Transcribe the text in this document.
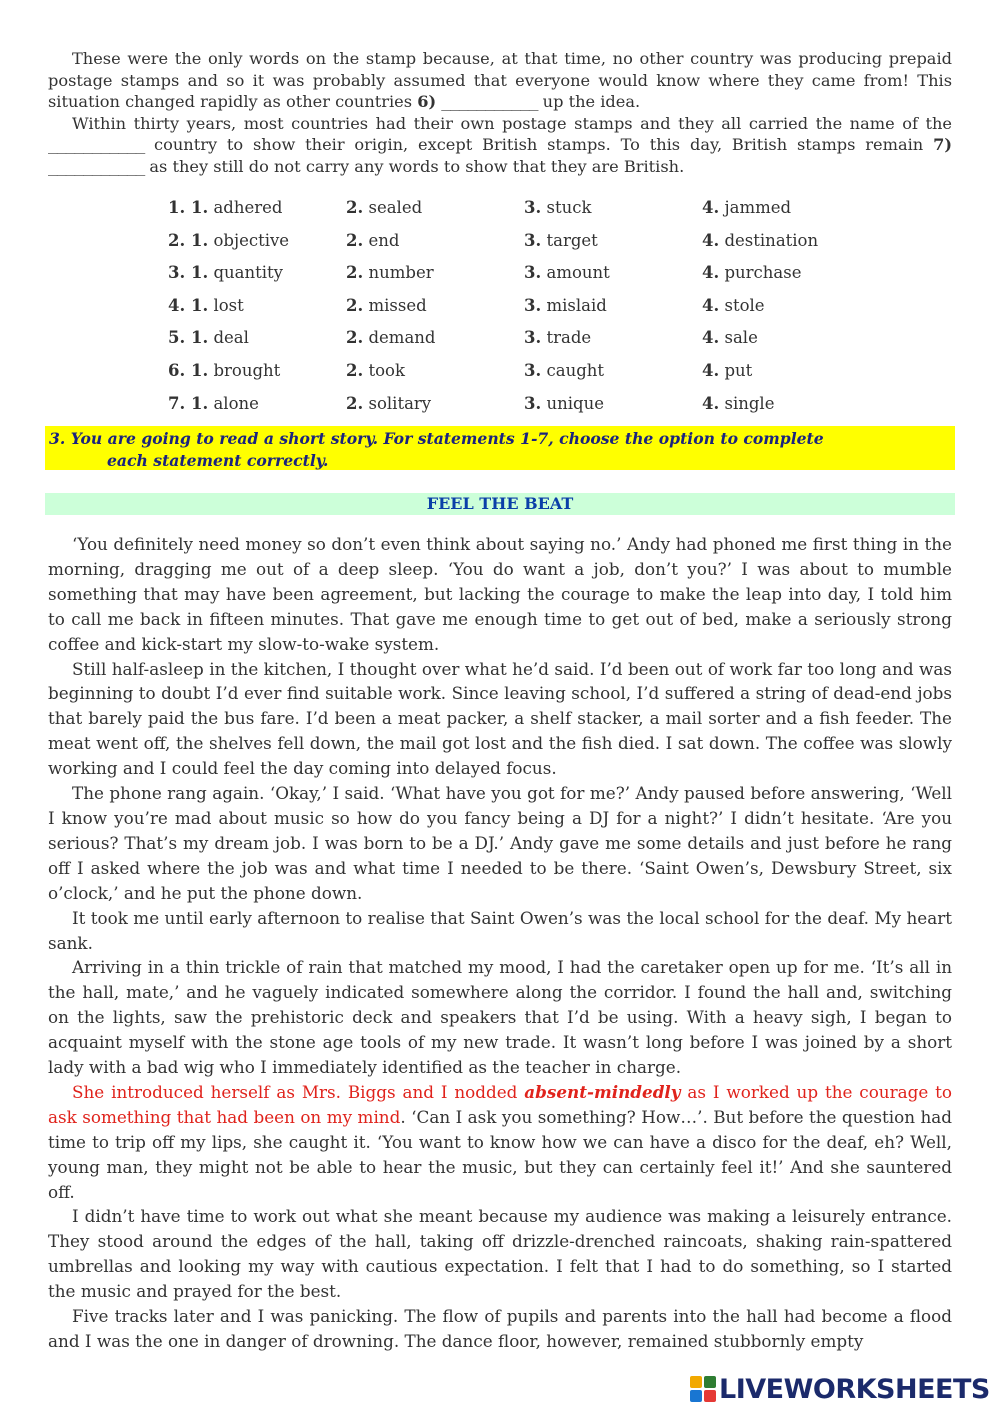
These were the only words on the stamp because, at that time, no other country was producing prepaid postage stamps and so it was probably assumed that everyone would know where they came from! This situation changed rapidly as other countries 6) ___________ up the idea.

Within thirty years, most countries had their own postage stamps and they all carried the name of the ___________ country to show their origin, except British stamps. To this day, British stamps remain 7) ___________ as they still do not carry any words to show that they are British.

1. 1. adhered	2. sealed	3. stuck	4. jammed
2. 1. objective	2. end	3. target	4. destination
3. 1. quantity	2. number	3. amount	4. purchase
4. 1. lost	2. missed	3. mislaid	4. stole
5. 1. deal	2. demand	3. trade	4. sale
6. 1. brought	2. took	3. caught	4. put
7. 1. alone	2. solitary	3. unique	4. single
3. You are going to read a short story. For statements 1-7, choose the option to complete
each statement correctly.
FEEL THE BEAT

‘You definitely need money so don’t even think about saying no.’ Andy had phoned me first thing in the morning, dragging me out of a deep sleep. ‘You do want a job, don’t you?’ I was about to mumble something that may have been agreement, but lacking the courage to make the leap into day, I told him to call me back in fifteen minutes. That gave me enough time to get out of bed, make a seriously strong coffee and kick-start my slow-to-wake system.

Still half-asleep in the kitchen, I thought over what he’d said. I’d been out of work far too long and was beginning to doubt I’d ever find suitable work. Since leaving school, I’d suffered a string of dead-end jobs that barely paid the bus fare. I’d been a meat packer, a shelf stacker, a mail sorter and a fish feeder. The meat went off, the shelves fell down, the mail got lost and the fish died. I sat down. The coffee was slowly working and I could feel the day coming into delayed focus.

The phone rang again. ‘Okay,’ I said. ‘What have you got for me?’ Andy paused before answering, ‘Well I know you’re mad about music so how do you fancy being a DJ for a night?’ I didn’t hesitate. ‘Are you serious? That’s my dream job. I was born to be a DJ.’ Andy gave me some details and just before he rang off I asked where the job was and what time I needed to be there. ‘Saint Owen’s, Dewsbury Street, six o’clock,’ and he put the phone down.

It took me until early afternoon to realise that Saint Owen’s was the local school for the deaf. My heart sank.

Arriving in a thin trickle of rain that matched my mood, I had the caretaker open up for me. ‘It’s all in the hall, mate,’ and he vaguely indicated somewhere along the corridor. I found the hall and, switching on the lights, saw the prehistoric deck and speakers that I’d be using. With a heavy sigh, I began to acquaint myself with the stone age tools of my new trade. It wasn’t long before I was joined by a short lady with a bad wig who I immediately identified as the teacher in charge.

She introduced herself as Mrs. Biggs and I nodded absent-mindedly as I worked up the courage to ask something that had been on my mind. ‘Can I ask you something? How…’. But before the question had time to trip off my lips, she caught it. ‘You want to know how we can have a disco for the deaf, eh? Well, young man, they might not be able to hear the music, but they can certainly feel it!’ And she sauntered off.

I didn’t have time to work out what she meant because my audience was making a leisurely entrance. They stood around the edges of the hall, taking off drizzle-drenched raincoats, shaking rain-spattered umbrellas and looking my way with cautious expectation. I felt that I had to do something, so I started the music and prayed for the best.

Five tracks later and I was panicking. The flow of pupils and parents into the hall had become a flood and I was the one in danger of drowning. The dance floor, however, remained stubbornly empty

LIVEWORKSHEETS
